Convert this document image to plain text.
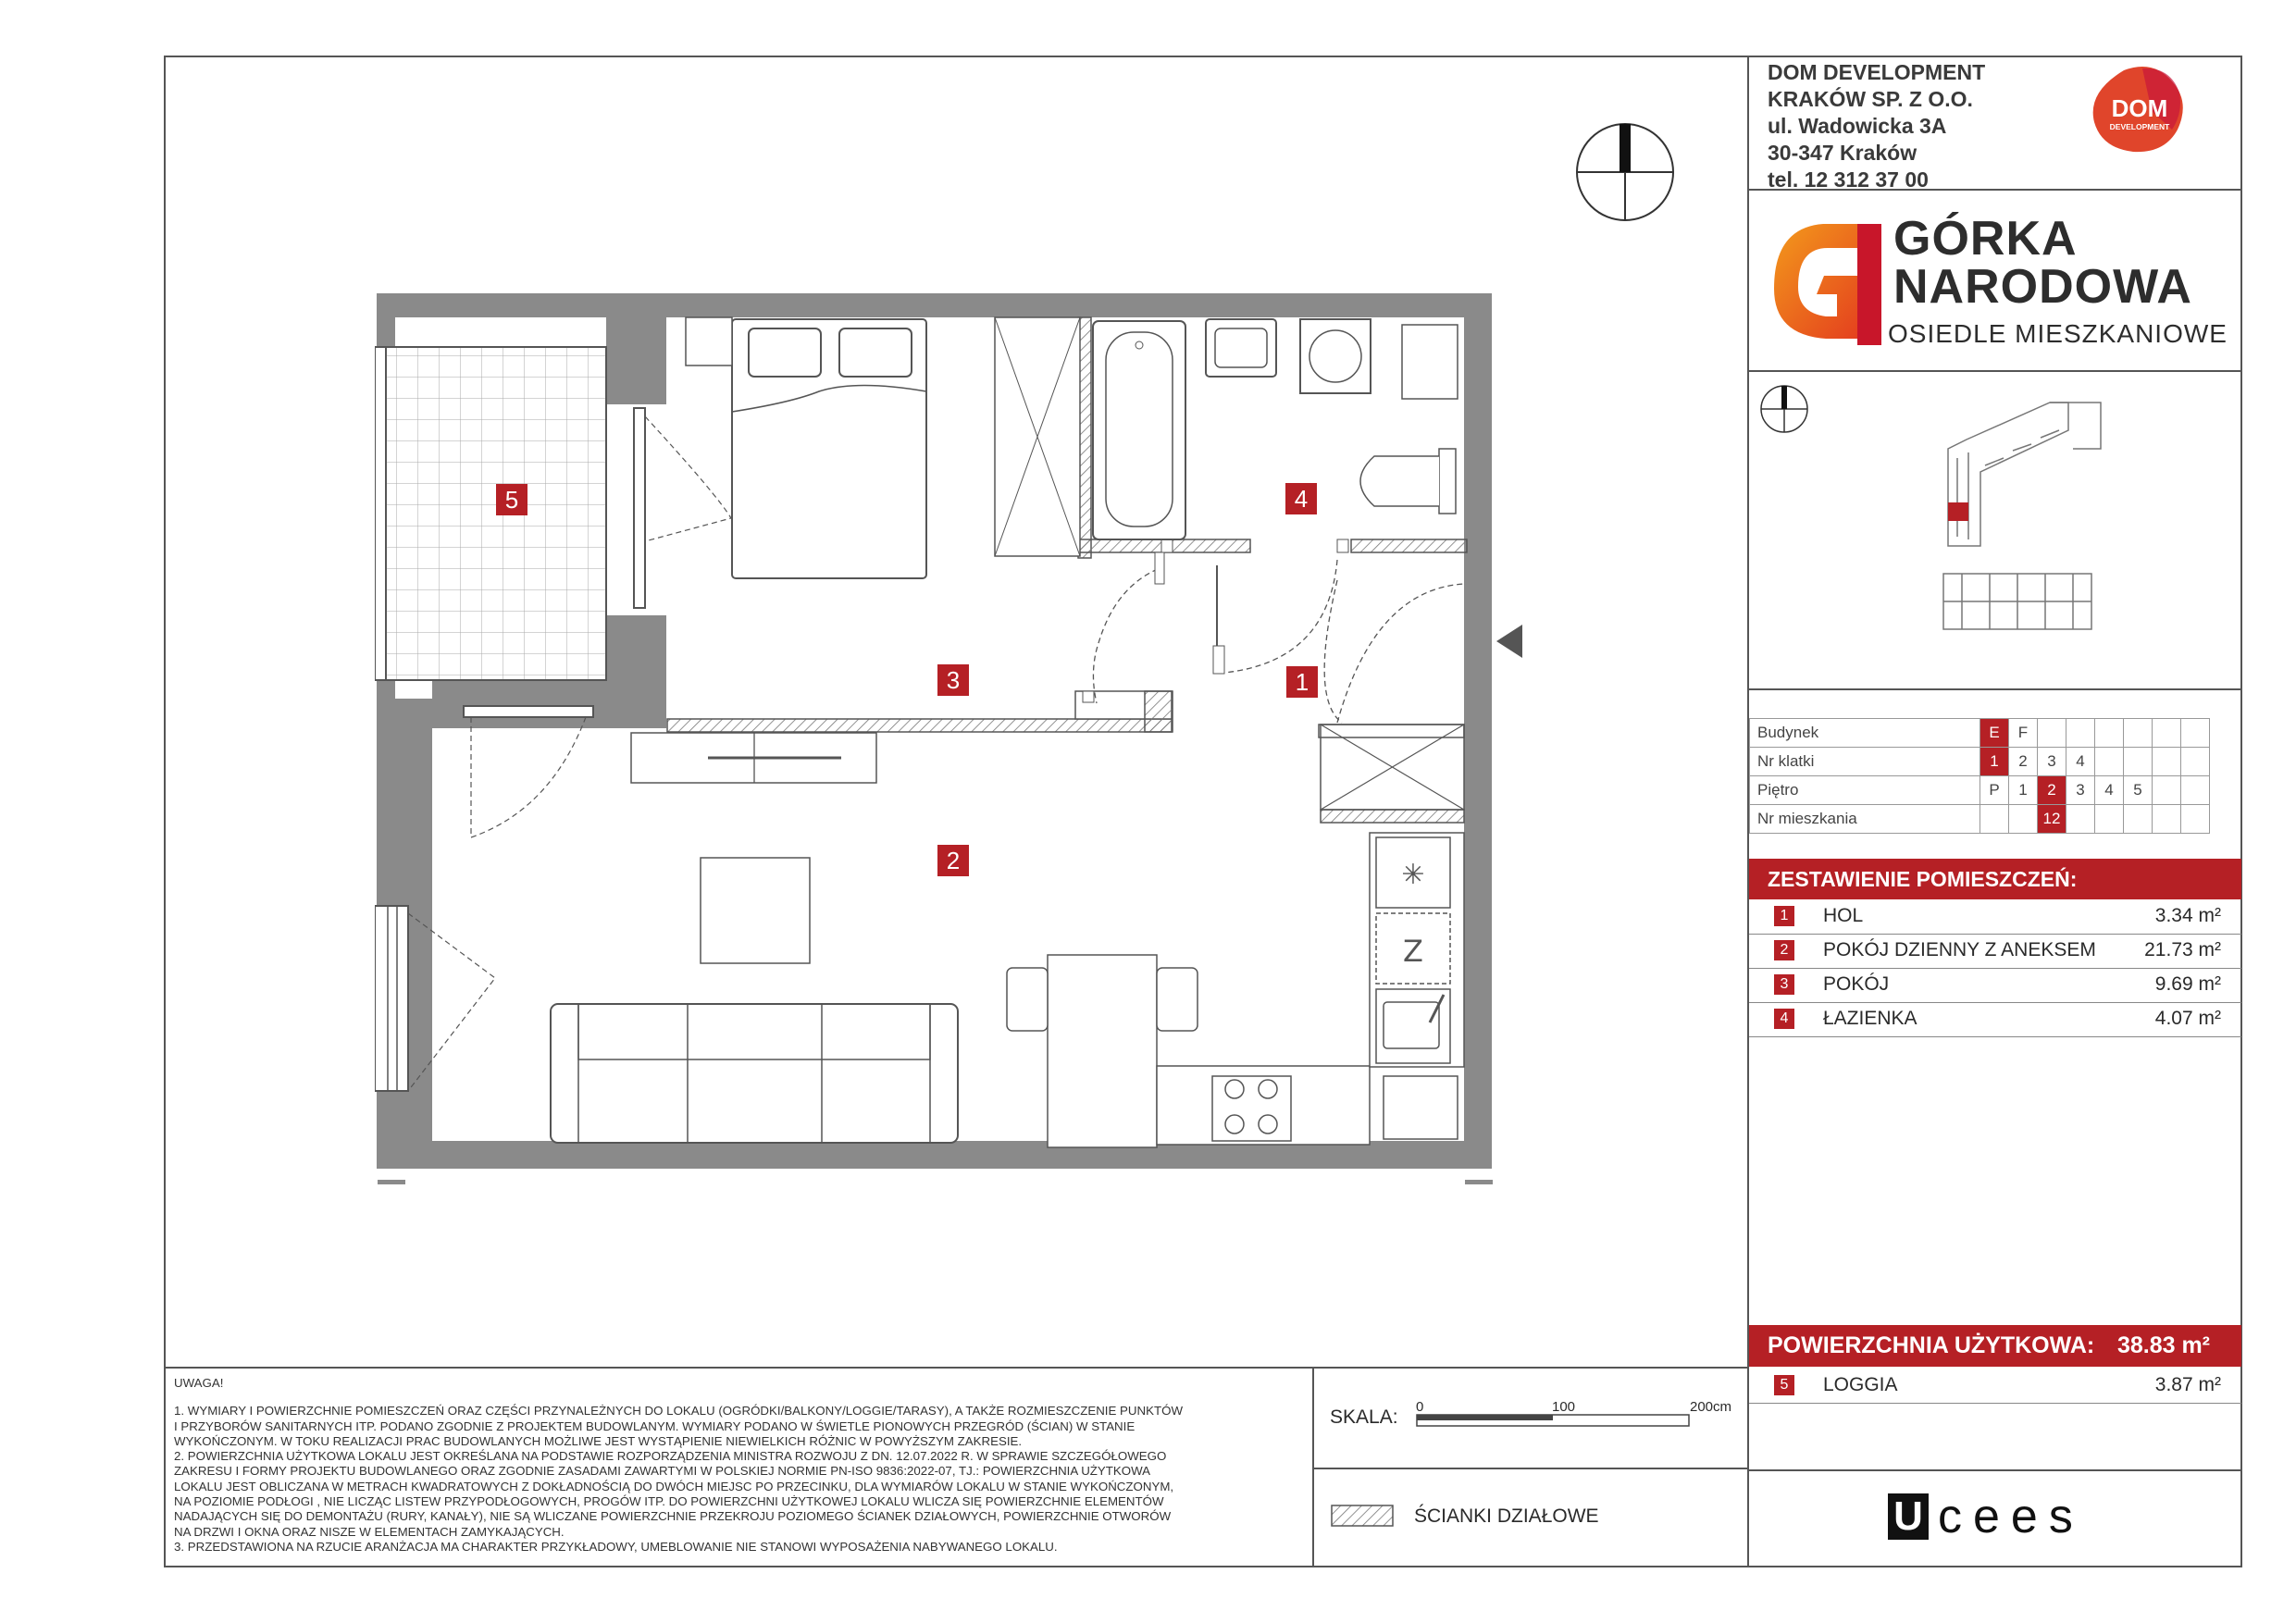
DOM DEVELOPMENT
KRAKÓW SP. Z O.O.
ul. Wadowicka 3A
30-347 Kraków
tel. 12 312 37 00
DOM
DEVELOPMENT
GÓRKA
NARODOWA
OSIEDLE MIESZKANIOWE
Budynek	E	F						
Nr klatki	1	2	3	4				
Piętro	P	1	2	3	4	5		
Nr mieszkania			12					
ZESTAWIENIE POMIESZCZEŃ:
1	HOL	3.34 m²
2	POKÓJ DZIENNY Z ANEKSEM 21.73 m²
3	POKÓJ	9.69 m²
4	ŁAZIENKA	4.07 m²
POWIERZCHNIA UŻYTKOWA: 38.83 m²
5	LOGGIA	3.87 m²
✳
Z
5
3
2
4
1
UWAGA!
1. WYMIARY I POWIERZCHNIE POMIESZCZEŃ ORAZ CZĘŚCI PRZYNALEŻNYCH DO LOKALU (OGRÓDKI/BALKONY/LOGGIE/TARASY), A TAKŻE ROZMIESZCZENIE PUNKTÓW
I PRZYBORÓW SANITARNYCH ITP. PODANO ZGODNIE Z PROJEKTEM BUDOWLANYM. WYMIARY PODANO W ŚWIETLE PIONOWYCH PRZEGRÓD (ŚCIAN) W STANIE
WYKOŃCZONYM. W TOKU REALIZACJI PRAC BUDOWLANYCH MOŻLIWE JEST WYSTĄPIENIE NIEWIELKICH RÓŻNIC W POWYŻSZYM ZAKRESIE.
2. POWIERZCHNIA UŻYTKOWA LOKALU JEST OKREŚLANA NA PODSTAWIE ROZPORZĄDZENIA MINISTRA ROZWOJU Z DN. 12.07.2022 R. W SPRAWIE SZCZEGÓŁOWEGO
ZAKRESU I FORMY PROJEKTU BUDOWLANEGO ORAZ ZGODNIE ZASADAMI ZAWARTYMI W POLSKIEJ NORMIE PN-ISO 9836:2022-07, TJ.: POWIERZCHNIA UŻYTKOWA
LOKALU JEST OBLICZANA W METRACH KWADRATOWYCH Z DOKŁADNOŚCIĄ DO DWÓCH MIEJSC PO PRZECINKU, DLA WYMIARÓW LOKALU W STANIE WYKOŃCZONYM,
NA POZIOMIE PODŁOGI , NIE LICZĄC LISTEW PRZYPODŁOGOWYCH, PROGÓW ITP. DO POWIERZCHNI UŻYTKOWEJ LOKALU WLICZA SIĘ POWIERZCHNIE ELEMENTÓW
NADAJĄCYCH SIĘ DO DEMONTAŻU (RURY, KANAŁY), NIE SĄ WLICZANE POWIERZCHNIE PRZEKROJU POZIOMEGO ŚCIANEK DZIAŁOWYCH, POWIERZCHNIE OTWORÓW
NA DRZWI I OKNA ORAZ NISZE W ELEMENTACH ZAMYKAJĄCYCH.
3. PRZEDSTAWIONA NA RZUCIE ARANŻACJA MA CHARAKTER PRZYKŁADOWY, UMEBLOWANIE NIE STANOWI WYPOSAŻENIA NABYWANEGO LOKALU.
SKALA: 0	100	200cm
ŚCIANKI DZIAŁOWE	U cees
